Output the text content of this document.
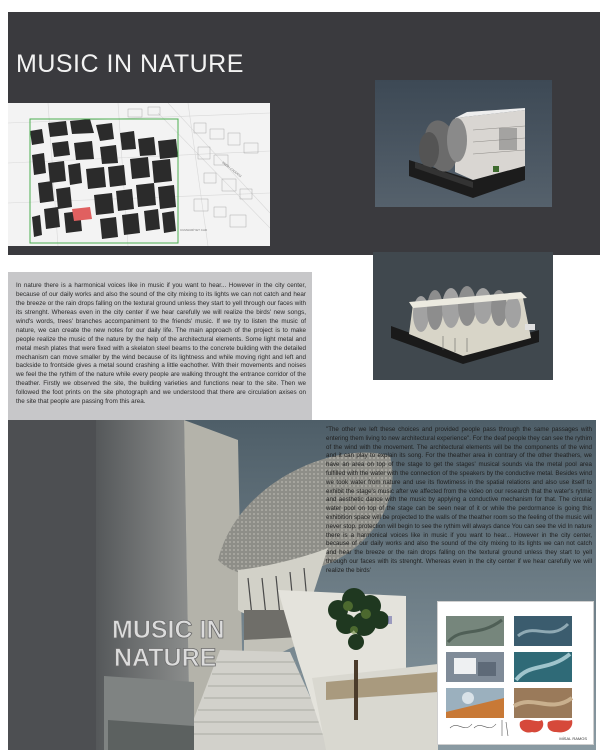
MUSIC IN NATURE
BEDİH CADDESİ
CUMHURİYET CAD

In nature there is a harmonical voices like in music if you want to hear... However in the city center, because of our daily works and also the sound of the city mixing to its lights we can not catch and hear the breeze or the rain drops falling on the textural ground unless they start to yell through our faces with its strenght. Whereas even in the city center if we hear carefully we will realize the birds' new songs, wind's words, trees' branches accompaniment to the friends' music. If we try to listen the music of nature, we can create the new notes for our daily life. The main approach of the project is to make people realize the music of the nature by the help of the architectural elements. Some light metal and metal mesh plates that were fixed with a skelaton steel beams to the concrete building with the detailed mechanism can move smaller by the wind because of its lightness and while moving right and left and backside to frontside gives a metal sound crashing a little eachother. With their movements and noises we feel the the rythim of the nature while every people are walking throught the entrance corridor of the theather. Firstly we observed the site, the building varieties and functions near to the site. Then we followed the foot prints on the site photograph and we understood that there are circulation axises on the site that people are passing from this area.

MUSIC IN
NATURE

"The other we left these choices and provided people pass through the same passages with entering them living to new architectural experience". For the deaf people they can see the rythim of the wind with the movement. The architectural elements will be the components of the wind and it can play to explain its song. For the theather area in contrary of the other theathers, we have an area on top of the stage to get the stages' musical sounds via the metal pool area fulfilled with the water with the connection of the speakers by the conductive metal. Besides wind we took water from nature and use its flowtimess in the spatial relations and also use itself to exhibit the stage's music after we affected from the video on our research that the water's rytmic and aesthetic dance with the music by applying a conductive mechanism for that. The circular water pool on top of the stage can be seen near of it or while the perdormance is going this exhibition space will be projected to the walls of the theather room so the feeling of the music will never stop. protection will begin to see the rythim will always dance You can see the vid In nature there is a harmonical voices like in music if you want to hear... However in the city center, because of our daily works and also the sound of the city mixing to its lights we can not catch and hear the breeze or the rain drops falling on the textural ground unless they start to yell through our faces with its strenght. Whereas even in the city center if we hear carefully we will realize the birds'

MİSAL RAMOS
